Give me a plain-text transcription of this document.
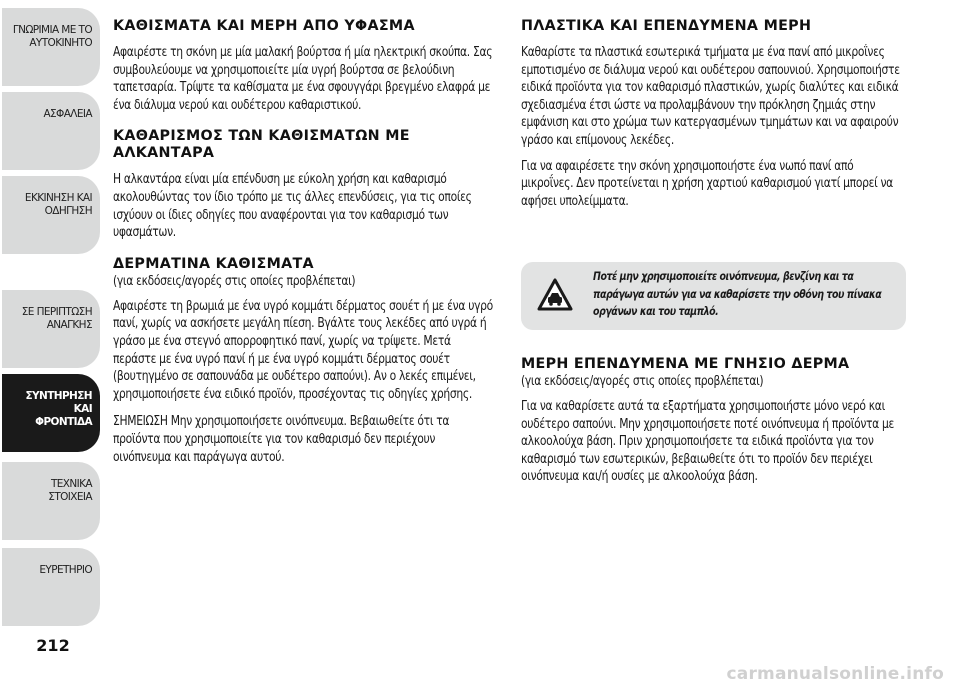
ΓΝΩΡΙΜΙΑ ΜΕ ΤΟ
ΑΥΤΟΚΙΝΗΤΟ
ΑΣΦΑΛΕΙΑ
ΕΚΚΙΝΗΣΗ ΚΑΙ
ΟΔΗΓΗΣΗ
ΣΕ ΠΕΡΙΠΤΩΣΗ
ΑΝΑΓΚΗΣ
ΣΥΝΤΗΡΗΣΗ ΚΑΙ
ΦΡΟΝΤΙΔΑ
ΤΕΧΝΙΚΑ ΣΤΟΙΧΕΙΑ
ΕΥΡΕΤΗΡΙΟ
212
ΚΑΘΙΣΜΑΤΑ ΚΑΙ ΜΕΡΗ ΑΠΟ ΥΦΑΣΜΑ

Αφαιρέστε τη σκόνη με μία μαλακή βούρτσα ή μία ηλεκτρική σκούπα. Σας συμβουλεύουμε να χρησιμοποιείτε μία υγρή βούρτσα σε βελούδινη ταπετσαρία. Τρίψτε τα καθίσματα με ένα σφουγγάρι βρεγμένο ελαφρά με ένα διάλυμα νερού και ουδέτερου καθαριστικού.

ΚΑΘΑΡΙΣΜΟΣ ΤΩΝ ΚΑΘΙΣΜΑΤΩΝ ΜΕ ΑΛΚΑΝΤΑΡΑ

Η αλκαντάρα είναι μία επένδυση με εύκολη χρήση και καθαρισμό ακολουθώντας τον ίδιο τρόπο με τις άλλες επενδύσεις, για τις οποίες ισχύουν οι ίδιες οδηγίες που αναφέρονται για τον καθαρισμό των υφασμάτων.

ΔΕΡΜΑΤΙΝΑ ΚΑΘΙΣΜΑΤΑ

(για εκδόσεις/αγορές στις οποίες προβλέπεται)

Αφαιρέστε τη βρωμιά με ένα υγρό κομμάτι δέρματος σουέτ ή με ένα υγρό πανί, χωρίς να ασκήσετε μεγάλη πίεση. Βγάλτε τους λεκέδες από υγρά ή γράσο με ένα στεγνό απορροφητικό πανί, χωρίς να τρίψετε. Μετά περάστε με ένα υγρό πανί ή με ένα υγρό κομμάτι δέρματος σουέτ (βουτηγμένο σε σαπουνάδα με ουδέτερο σαπούνι). Αν ο λεκές επιμένει, χρησιμοποιήσετε ένα ειδικό προϊόν, προσέχοντας τις οδηγίες χρήσης.

ΣΗΜΕΙΩΣΗ Μην χρησιμοποιήσετε οινόπνευμα. Βεβαιωθείτε ότι τα προϊόντα που χρησιμοποιείτε για τον καθαρισμό δεν περιέχουν οινόπνευμα και παράγωγα αυτού.

ΠΛΑΣΤΙΚΑ ΚΑΙ ΕΠΕΝΔΥΜΕΝΑ ΜΕΡΗ

Καθαρίστε τα πλαστικά εσωτερικά τμήματα με ένα πανί από μικροΐνες εμποτισμένο σε διάλυμα νερού και ουδέτερου σαπουνιού. Χρησιμοποιήστε ειδικά προϊόντα για τον καθαρισμό πλαστικών, χωρίς διαλύτες και ειδικά σχεδιασμένα έτσι ώστε να προλαμβάνουν την πρόκληση ζημιάς στην εμφάνιση και στο χρώμα των κατεργασμένων τμημάτων και να αφαιρούν γράσο και επίμονους λεκέδες.

Για να αφαιρέσετε την σκόνη χρησιμοποιήστε ένα νωπό πανί από μικροΐνες. Δεν προτείνεται η χρήση χαρτιού καθαρισμού γιατί μπορεί να αφήσει υπολείμματα.

Ποτέ μην χρησιμοποιείτε οινόπνευμα, βενζίνη και τα παράγωγα αυτών για να καθαρίσετε την οθόνη του πίνακα οργάνων και του ταμπλό.
ΜΕΡΗ ΕΠΕΝΔΥΜΕΝΑ ΜΕ ΓΝΗΣΙΟ ΔΕΡΜΑ

(για εκδόσεις/αγορές στις οποίες προβλέπεται)

Για να καθαρίσετε αυτά τα εξαρτήματα χρησιμοποιήστε μόνο νερό και ουδέτερο σαπούνι. Μην χρησιμοποιήσετε ποτέ οινόπνευμα ή προϊόντα με αλκοολούχα βάση. Πριν χρησιμοποιήσετε τα ειδικά προϊόντα για τον καθαρισμό των εσωτερικών, βεβαιωθείτε ότι το προϊόν δεν περιέχει οινόπνευμα και/ή ουσίες με αλκοολούχα βάση.

carmanualsonline.info
